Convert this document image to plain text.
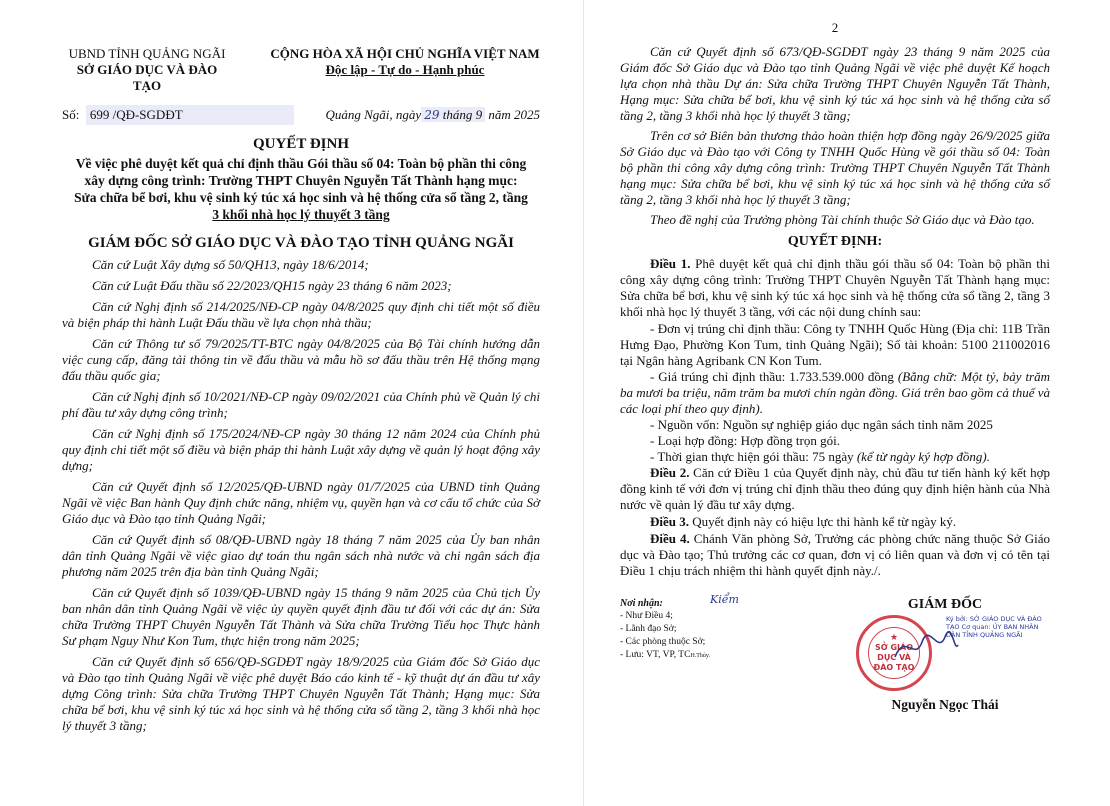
UBND TỈNH QUẢNG NGÃI
SỞ GIÁO DỤC VÀ ĐÀO TẠO
CỘNG HÒA XÃ HỘI CHỦ NGHĨA VIỆT NAM
Độc lập - Tự do - Hạnh phúc
Số:
699 /QĐ-SGDĐT	Quảng Ngãi, ngày 29 tháng 9 năm 2025
QUYẾT ĐỊNH
Về việc phê duyệt kết quả chỉ định thầu Gói thầu số 04: Toàn bộ phần thi công xây dựng công trình: Trường THPT Chuyên Nguyễn Tất Thành hạng mục: Sửa chữa bể bơi, khu vệ sinh ký túc xá học sinh và hệ thống cửa sổ tầng 2, tầng 3 khối nhà học lý thuyết 3 tầng
GIÁM ĐỐC SỞ GIÁO DỤC VÀ ĐÀO TẠO TỈNH QUẢNG NGÃI

Căn cứ Luật Xây dựng số 50/QH13, ngày 18/6/2014;

Căn cứ Luật Đấu thầu số 22/2023/QH15 ngày 23 tháng 6 năm 2023;

Căn cứ Nghị định số 214/2025/NĐ-CP ngày 04/8/2025 quy định chi tiết một số điều và biện pháp thi hành Luật Đấu thầu về lựa chọn nhà thầu;

Căn cứ Thông tư số 79/2025/TT-BTC ngày 04/8/2025 của Bộ Tài chính hướng dẫn việc cung cấp, đăng tải thông tin về đấu thầu và mẫu hồ sơ đấu thầu trên Hệ thống mạng đấu thầu quốc gia;

Căn cứ Nghị định số 10/2021/NĐ-CP ngày 09/02/2021 của Chính phủ về Quản lý chi phí đầu tư xây dựng công trình;

Căn cứ Nghị định số 175/2024/NĐ-CP ngày 30 tháng 12 năm 2024 của Chính phủ quy định chi tiết một số điều và biện pháp thi hành Luật xây dựng về quản lý hoạt động xây dựng;

Căn cứ Quyết định số 12/2025/QĐ-UBND ngày 01/7/2025 của UBND tỉnh Quảng Ngãi về việc Ban hành Quy định chức năng, nhiệm vụ, quyền hạn và cơ cấu tổ chức của Sở Giáo dục và Đào tạo tỉnh Quảng Ngãi;

Căn cứ Quyết định số 08/QĐ-UBND ngày 18 tháng 7 năm 2025 của Ủy ban nhân dân tỉnh Quảng Ngãi về việc giao dự toán thu ngân sách nhà nước và chi ngân sách địa phương năm 2025 trên địa bàn tỉnh Quảng Ngãi;

Căn cứ Quyết định số 1039/QĐ-UBND ngày 15 tháng 9 năm 2025 của Chủ tịch Ủy ban nhân dân tỉnh Quảng Ngãi về việc ủy quyền quyết định đầu tư đối với các dự án: Sửa chữa Trường THPT Chuyên Nguyễn Tất Thành và Sửa chữa Trường Tiểu học Thực hành Sư phạm Nguy Như Kon Tum, thực hiện trong năm 2025;

Căn cứ Quyết định số 656/QĐ-SGDĐT ngày 18/9/2025 của Giám đốc Sở Giáo dục và Đào tạo tỉnh Quảng Ngãi về việc phê duyệt Báo cáo kinh tế - kỹ thuật dự án đầu tư xây dựng Công trình: Sửa chữa Trường THPT Chuyên Nguyễn Tất Thành; Hạng mục: Sửa chữa bể bơi, khu vệ sinh ký túc xá học sinh và hệ thống cửa sổ tầng 2, tầng 3 khối nhà học lý thuyết 3 tầng;

2

Căn cứ Quyết định số 673/QĐ-SGDĐT ngày 23 tháng 9 năm 2025 của Giám đốc Sở Giáo dục và Đào tạo tỉnh Quảng Ngãi về việc phê duyệt Kế hoạch lựa chọn nhà thầu Dự án: Sửa chữa Trường THPT Chuyên Nguyễn Tất Thành, Hạng mục: Sửa chữa bể bơi, khu vệ sinh ký túc xá học sinh và hệ thống cửa sổ tầng 2, tầng 3 khối nhà học lý thuyết 3 tầng;

Trên cơ sở Biên bản thương thảo hoàn thiện hợp đồng ngày 26/9/2025 giữa Sở Giáo dục và Đào tạo với Công ty TNHH Quốc Hùng về gói thầu số 04: Toàn bộ phần thi công xây dựng công trình: Trường THPT Chuyên Nguyễn Tất Thành hạng mục: Sửa chữa bể bơi, khu vệ sinh ký túc xá học sinh và hệ thống cửa sổ tầng 2, tầng 3 khối nhà học lý thuyết 3 tầng;

Theo đề nghị của Trưởng phòng Tài chính thuộc Sở Giáo dục và Đào tạo.

QUYẾT ĐỊNH:

Điều 1. Phê duyệt kết quả chỉ định thầu gói thầu số 04: Toàn bộ phần thi công xây dựng công trình: Trường THPT Chuyên Nguyễn Tất Thành hạng mục: Sửa chữa bể bơi, khu vệ sinh ký túc xá học sinh và hệ thống cửa sổ tầng 2, tầng 3 khối nhà học lý thuyết 3 tầng, với các nội dung chính sau:

- Đơn vị trúng chỉ định thầu: Công ty TNHH Quốc Hùng (Địa chỉ: 11B Trần Hưng Đạo, Phường Kon Tum, tỉnh Quảng Ngãi); Số tài khoản: 5100 211002016 tại Ngân hàng Agribank CN Kon Tum.

- Giá trúng chỉ định thầu: 1.733.539.000 đồng (Bằng chữ: Một tỷ, bảy trăm ba mươi ba triệu, năm trăm ba mươi chín ngàn đồng. Giá trên bao gồm cả thuế và các loại phí theo quy định).

- Nguồn vốn: Nguồn sự nghiệp giáo dục ngân sách tỉnh năm 2025

- Loại hợp đồng: Hợp đồng trọn gói.

- Thời gian thực hiện gói thầu: 75 ngày (kể từ ngày ký hợp đồng).

Điều 2. Căn cứ Điều 1 của Quyết định này, chủ đầu tư tiến hành ký kết hợp đồng kinh tế với đơn vị trúng chỉ định thầu theo đúng quy định hiện hành của Nhà nước về quản lý đầu tư xây dựng.

Điều 3. Quyết định này có hiệu lực thi hành kể từ ngày ký.

Điều 4. Chánh Văn phòng Sở, Trưởng các phòng chức năng thuộc Sở Giáo dục và Đào tạo; Thủ trưởng các cơ quan, đơn vị có liên quan và đơn vị có tên tại Điều 1 chịu trách nhiệm thi hành quyết định này./.

Nơi nhận:
- Như Điều 4;
- Lãnh đạo Sở;
- Các phòng thuộc Sở;
- Lưu: VT, VP, TCH.Thủy.
Kiểm	GIÁM ĐỐC
★
SỞ GIÁO DỤC VÀ ĐÀO TẠO
Ký bởi: SỞ GIÁO DỤC VÀ ĐÀO TẠO Cơ quan: ỦY BAN NHÂN DÂN TỈNH QUẢNG NGÃI
Nguyễn Ngọc Thái
